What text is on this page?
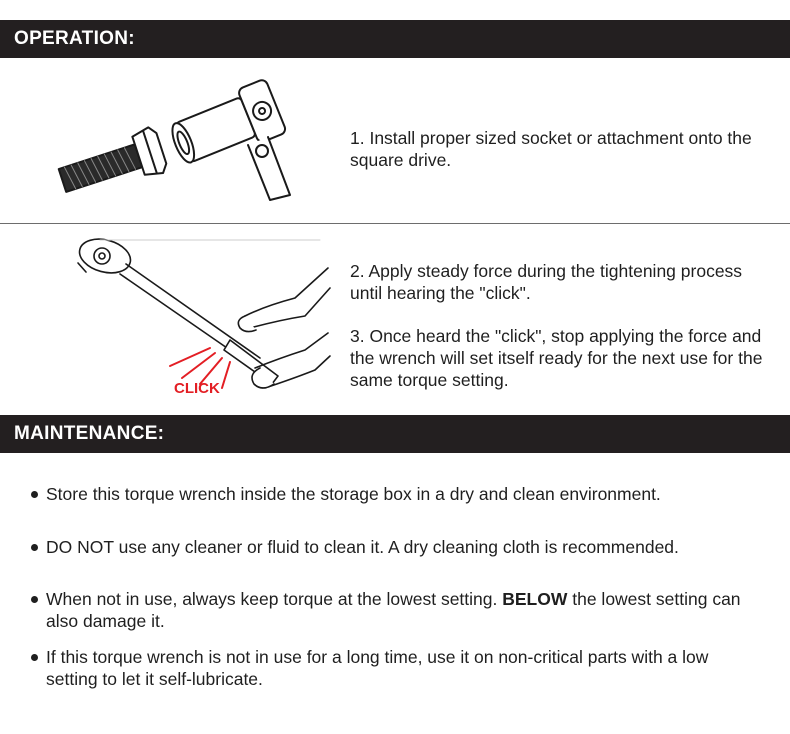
OPERATION:

1. Install proper sized socket or attachment onto the square drive.

CLICK

2. Apply steady force during the tightening process until hearing the "click".

3. Once heard the "click", stop applying the force and the wrench will set itself ready for the next use for the same torque setting.

MAINTENANCE:
Store this torque wrench inside the storage box in a dry and clean environment.
DO NOT use any cleaner or fluid to clean it. A dry cleaning cloth is recommended.
When not in use, always keep torque at the lowest setting. BELOW the lowest setting can also damage it.
If this torque wrench is not in use for a long time, use it on non-critical parts with a low setting to let it self-lubricate.
